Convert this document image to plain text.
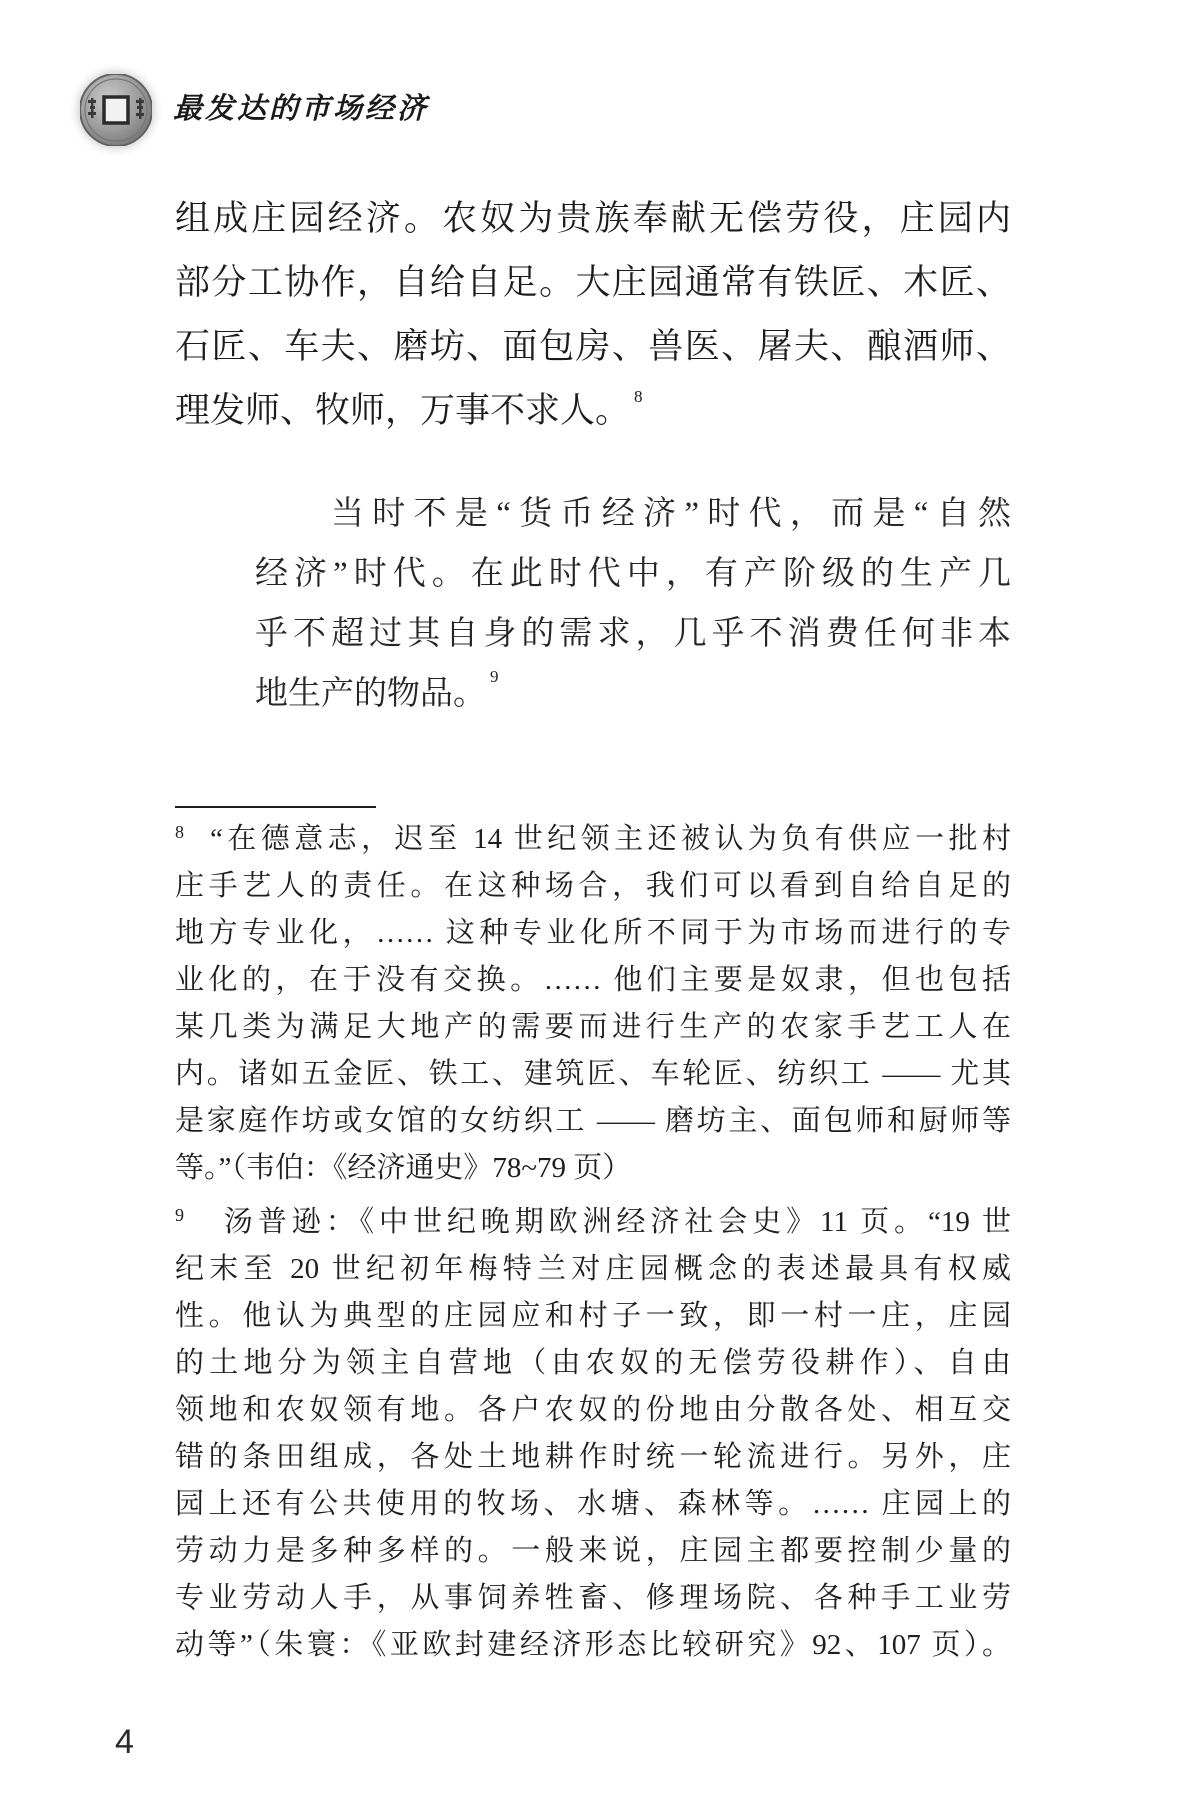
最发达的市场经济
组成庄园经济。农奴为贵族奉献无偿劳役，庄园内
部分工协作，自给自足。大庄园通常有铁匠、木匠、
石匠、车夫、磨坊、面包房、兽医、屠夫、酿酒师、
理发师、牧师，万事不求人。 8
当时不是“货币经济”时代，而是“自然
经济”时代。在此时代中，有产阶级的生产几
乎不超过其自身的需求，几乎不消费任何非本
地生产的物品。 9
8 “在德意志，迟至 14 世纪领主还被认为负有供应一批村
庄手艺人的责任。在这种场合，我们可以看到自给自足的
地方专业化，…… 这种专业化所不同于为市场而进行的专
业化的，在于没有交换。…… 他们主要是奴隶，但也包括
某几类为满足大地产的需要而进行生产的农家手艺工人在
内。诸如五金匠、铁工、建筑匠、车轮匠、纺织工 —— 尤其
是家庭作坊或女馆的女纺织工 —— 磨坊主、面包师和厨师等
等。”（韦伯：《经济通史》78~79 页）
9 汤普逊：《中世纪晚期欧洲经济社会史》11 页。“19 世
纪末至 20 世纪初年梅特兰对庄园概念的表述最具有权威
性。他认为典型的庄园应和村子一致，即一村一庄，庄园
的土地分为领主自营地（由农奴的无偿劳役耕作）、自由
领地和农奴领有地。各户农奴的份地由分散各处、相互交
错的条田组成，各处土地耕作时统一轮流进行。另外，庄
园上还有公共使用的牧场、水塘、森林等。…… 庄园上的
劳动力是多种多样的。一般来说，庄园主都要控制少量的
专业劳动人手，从事饲养牲畜、修理场院、各种手工业劳
动等”（朱寰：《亚欧封建经济形态比较研究》92、107 页）。
4
